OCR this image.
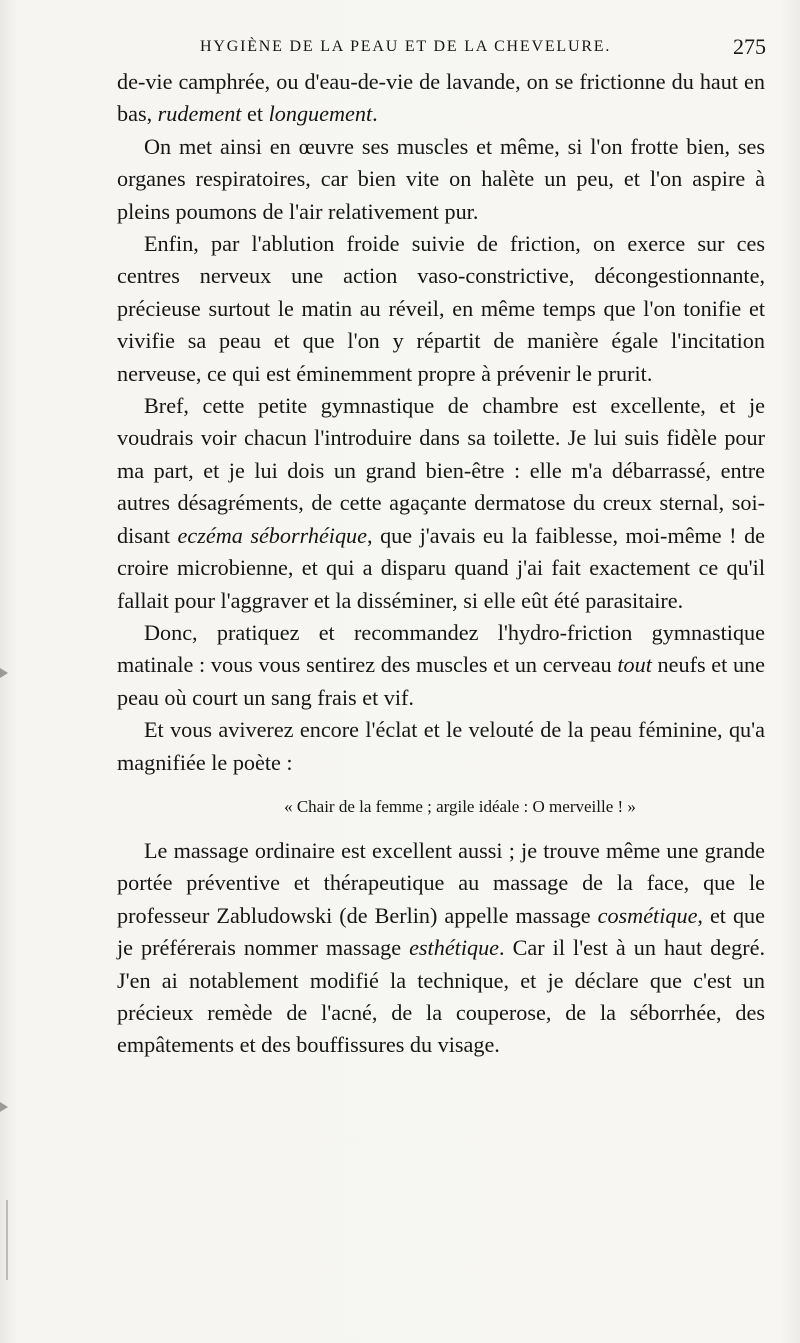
HYGIÈNE DE LA PEAU ET DE LA CHEVELURE.	275

de-vie camphrée, ou d'eau-de-vie de lavande, on se frictionne du haut en bas, rudement et longuement.

On met ainsi en œuvre ses muscles et même, si l'on frotte bien, ses organes respiratoires, car bien vite on halète un peu, et l'on aspire à pleins poumons de l'air relativement pur.

Enfin, par l'ablution froide suivie de friction, on exerce sur ces centres nerveux une action vaso-constrictive, décongestionnante, précieuse surtout le matin au réveil, en même temps que l'on tonifie et vivifie sa peau et que l'on y répartit de manière égale l'incitation nerveuse, ce qui est éminemment propre à prévenir le prurit.

Bref, cette petite gymnastique de chambre est excellente, et je voudrais voir chacun l'introduire dans sa toilette. Je lui suis fidèle pour ma part, et je lui dois un grand bien-être : elle m'a débarrassé, entre autres désagréments, de cette agaçante dermatose du creux sternal, soi-disant eczéma séborrhéique, que j'avais eu la faiblesse, moi-même ! de croire microbienne, et qui a disparu quand j'ai fait exactement ce qu'il fallait pour l'aggraver et la disséminer, si elle eût été parasitaire.

Donc, pratiquez et recommandez l'hydro-friction gymnastique matinale : vous vous sentirez des muscles et un cerveau tout neufs et une peau où court un sang frais et vif.

Et vous aviverez encore l'éclat et le velouté de la peau féminine, qu'a magnifiée le poète :

« Chair de la femme ; argile idéale : O merveille ! »

Le massage ordinaire est excellent aussi ; je trouve même une grande portée préventive et thérapeutique au massage de la face, que le professeur Zabludowski (de Berlin) appelle massage cosmétique, et que je préférerais nommer massage esthétique. Car il l'est à un haut degré. J'en ai notablement modifié la technique, et je déclare que c'est un précieux remède de l'acné, de la couperose, de la séborrhée, des empâtements et des bouffissures du visage.
